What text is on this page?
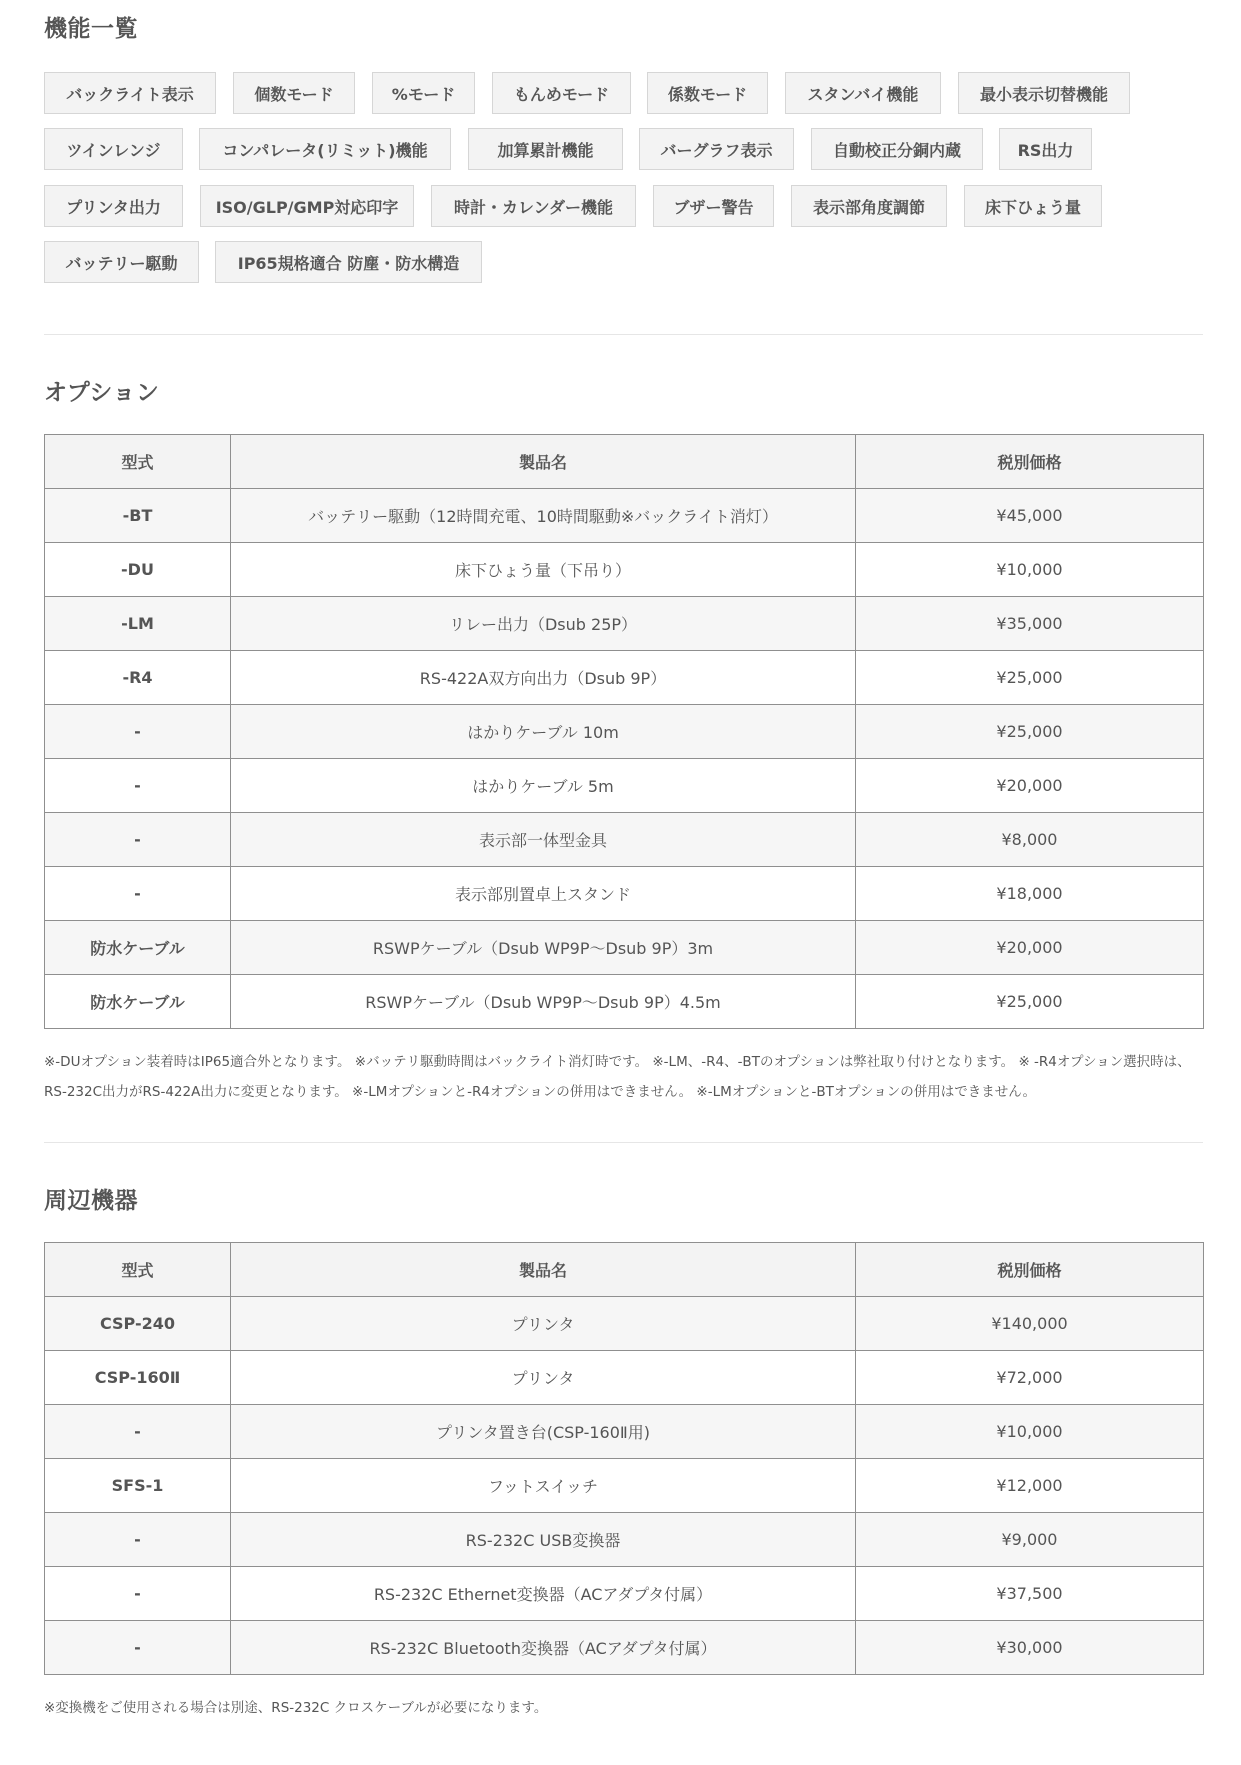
機能一覧
バックライト表示	個数モード	%モード	もんめモード	係数モード	スタンバイ機能	最小表示切替機能
ツインレンジ	コンパレータ(リミット)機能	加算累計機能	バーグラフ表示	自動校正分銅内蔵	RS出力
プリンタ出力	ISO/GLP/GMP対応印字	時計・カレンダー機能	ブザー警告	表示部角度調節	床下ひょう量
バッテリー駆動	IP65規格適合 防塵・防水構造
オプション
型式	製品名	税別価格
-BT	バッテリー駆動（12時間充電、10時間駆動※バックライト消灯）	¥45,000
-DU	床下ひょう量（下吊り）	¥10,000
-LM	リレー出力（Dsub 25P）	¥35,000
-R4	RS-422A双方向出力（Dsub 9P）	¥25,000
-	はかりケーブル 10m	¥25,000
-	はかりケーブル 5m	¥20,000
-	表示部一体型金具	¥8,000
-	表示部別置卓上スタンド	¥18,000
防水ケーブル	RSWPケーブル（Dsub WP9P～Dsub 9P）3m	¥20,000
防水ケーブル	RSWPケーブル（Dsub WP9P～Dsub 9P）4.5m	¥25,000

※-DUオプション装着時はIP65適合外となります。 ※バッテリ駆動時間はバックライト消灯時です。 ※-LM、-R4、-BTのオプションは弊社取り付けとなります。 ※ -R4オプション選択時は、RS-232C出力がRS-422A出力に変更となります。 ※-LMオプションと-R4オプションの併用はできません。 ※-LMオプションと-BTオプションの併用はできません。

周辺機器
型式	製品名	税別価格
CSP-240	プリンタ	¥140,000
CSP-160Ⅱ	プリンタ	¥72,000
-	プリンタ置き台(CSP-160Ⅱ用)	¥10,000
SFS-1	フットスイッチ	¥12,000
-	RS-232C USB変換器	¥9,000
-	RS-232C Ethernet変換器（ACアダプタ付属）	¥37,500
-	RS-232C Bluetooth変換器（ACアダプタ付属）	¥30,000

※変換機をご使用される場合は別途、RS-232C クロスケーブルが必要になります。
